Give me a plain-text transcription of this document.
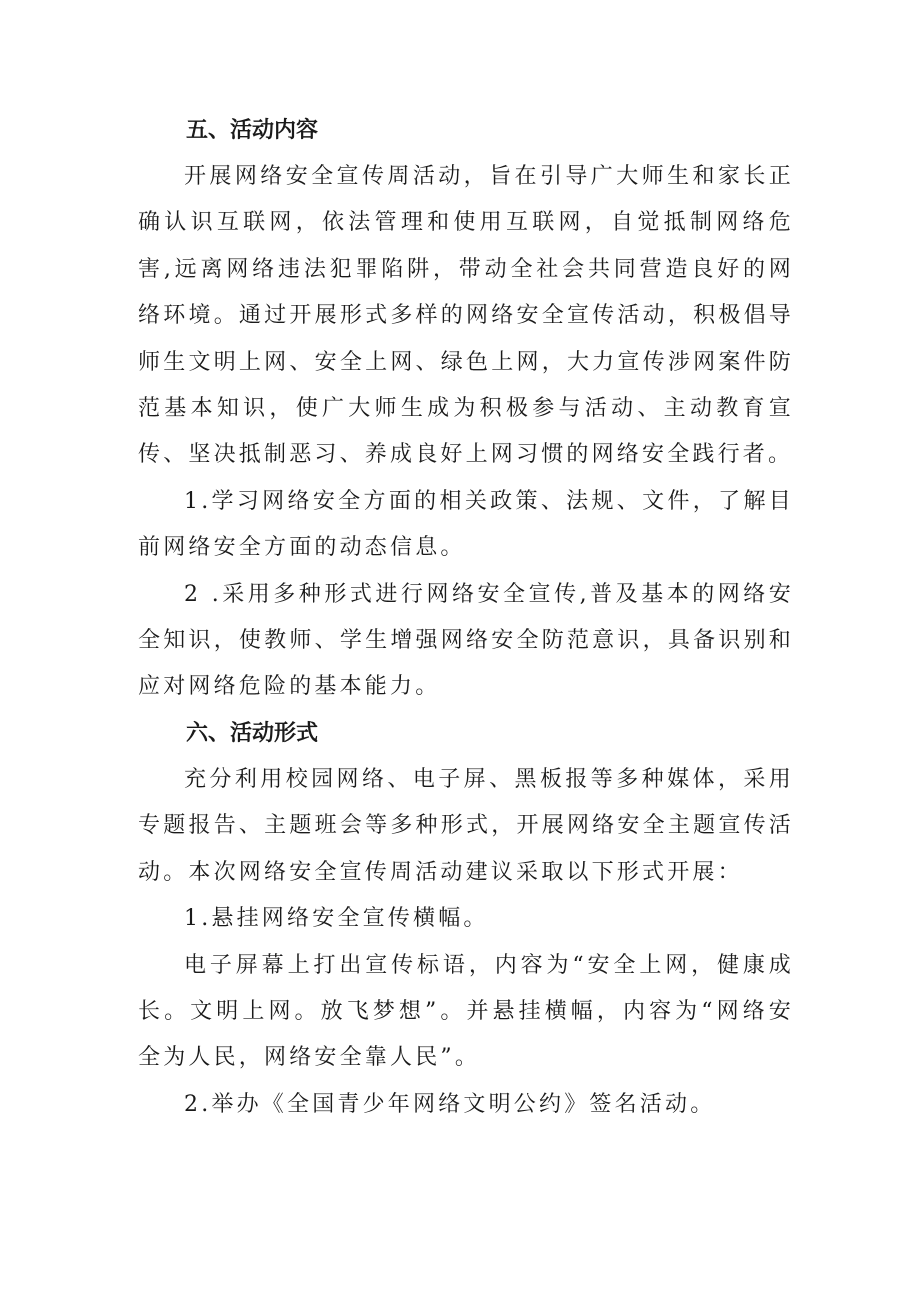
五、活动内容

开展网络安全宣传周活动，旨在引导广大师生和家长正确认识互联网，依法管理和使用互联网，自觉抵制网络危害,远离网络违法犯罪陷阱，带动全社会共同营造良好的网络环境。通过开展形式多样的网络安全宣传活动，积极倡导师生文明上网、安全上网、绿色上网，大力宣传涉网案件防范基本知识，使广大师生成为积极参与活动、主动教育宣传、坚决抵制恶习、养成良好上网习惯的网络安全践行者。

1.学习网络安全方面的相关政策、法规、文件，了解目前网络安全方面的动态信息。

2 .采用多种形式进行网络安全宣传,普及基本的网络安全知识，使教师、学生增强网络安全防范意识，具备识别和应对网络危险的基本能力。

六、活动形式

充分利用校园网络、电子屏、黑板报等多种媒体，采用专题报告、主题班会等多种形式，开展网络安全主题宣传活动。本次网络安全宣传周活动建议采取以下形式开展：

1.悬挂网络安全宣传横幅。

电子屏幕上打出宣传标语，内容为“安全上网，健康成长。文明上网。放飞梦想”。并悬挂横幅，内容为“网络安全为人民，网络安全靠人民”。

2.举办《全国青少年网络文明公约》签名活动。
